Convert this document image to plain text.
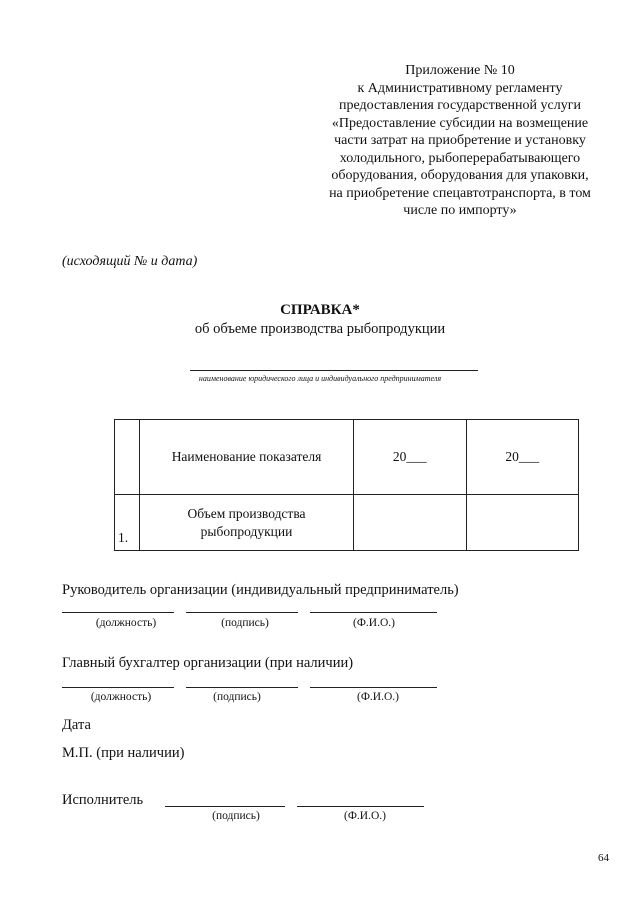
Приложение № 10
к Административному регламенту
предоставления государственной услуги
«Предоставление субсидии на возмещение
части затрат на приобретение и установку
холодильного, рыбоперерабатывающего
оборудования, оборудования для упаковки,
на приобретение спецавтотранспорта, в том
числе по импорту»
(исходящий № и дата)
СПРАВКА*
об объеме производства рыбопродукции
наименование юридического лица и индивидуального предпринимателя
	Наименование показателя	20___	20___
1.	Объем производства
рыбопродукции		

Руководитель организации (индивидуальный предприниматель)
(должность)	(подпись)	(Ф.И.О.)
Главный бухгалтер организации (при наличии)
(должность)	(подпись)	(Ф.И.О.)
Дата
М.П. (при наличии)
Исполнитель
(подпись)	(Ф.И.О.)
64
